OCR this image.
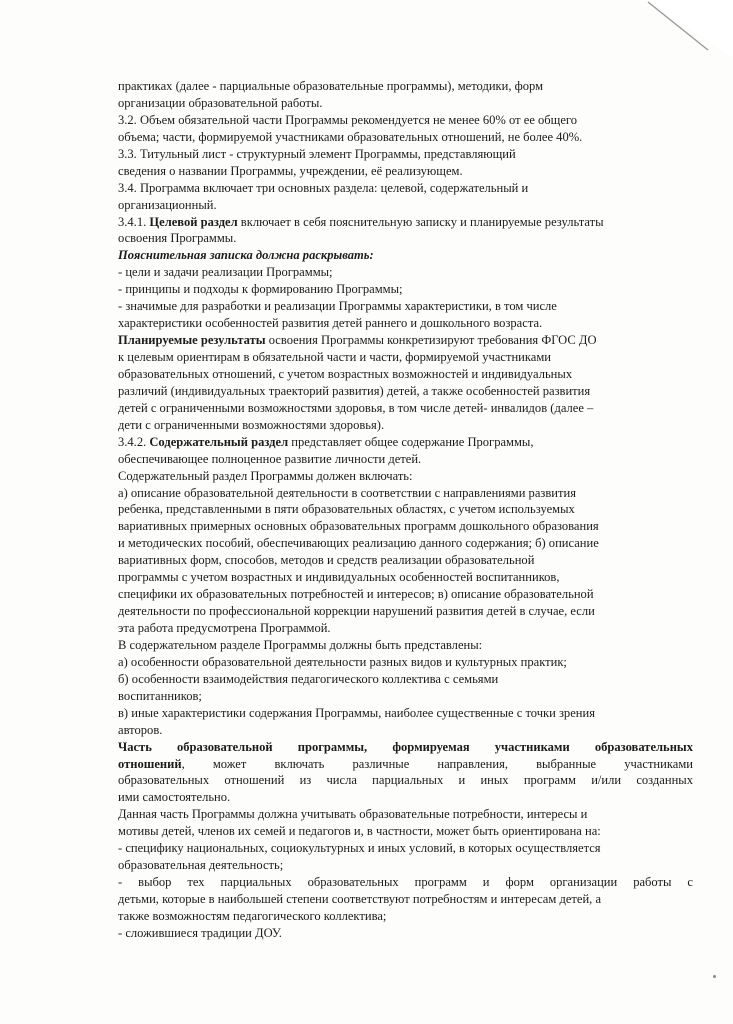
практиках (далее - парциальные образовательные программы), методики, форм
организации образовательной работы.
3.2. Объем обязательной части Программы рекомендуется не менее 60% от ее общего
объема; части, формируемой участниками образовательных отношений, не более 40%.
3.3. Титульный лист - структурный элемент Программы, представляющий
сведения о названии Программы, учреждении, её реализующем.
3.4. Программа включает три основных раздела: целевой, содержательный и
организационный.
3.4.1. Целевой раздел включает в себя пояснительную записку и планируемые результаты
освоения Программы.
Пояснительная записка должна раскрывать:
- цели и задачи реализации Программы;
- принципы и подходы к формированию Программы;
- значимые для разработки и реализации Программы характеристики, в том числе
характеристики особенностей развития детей раннего и дошкольного возраста.
Планируемые результаты освоения Программы конкретизируют требования ФГОС ДО
к целевым ориентирам в обязательной части и части, формируемой участниками
образовательных отношений, с учетом возрастных возможностей и индивидуальных
различий (индивидуальных траекторий развития) детей, а также особенностей развития
детей с ограниченными возможностями здоровья, в том числе детей- инвалидов (далее –
дети с ограниченными возможностями здоровья).
3.4.2. Содержательный раздел представляет общее содержание Программы,
обеспечивающее полноценное развитие личности детей.
Содержательный раздел Программы должен включать:
а) описание образовательной деятельности в соответствии с направлениями развития
ребенка, представленными в пяти образовательных областях, с учетом используемых
вариативных примерных основных образовательных программ дошкольного образования
и методических пособий, обеспечивающих реализацию данного содержания; б) описание
вариативных форм, способов, методов и средств реализации образовательной
программы с учетом возрастных и индивидуальных особенностей воспитанников,
специфики их образовательных потребностей и интересов; в) описание образовательной
деятельности по профессиональной коррекции нарушений развития детей в случае, если
эта работа предусмотрена Программой.
В содержательном разделе Программы должны быть представлены:
а) особенности образовательной деятельности разных видов и культурных практик;
б) особенности взаимодействия педагогического коллектива с семьями
воспитанников;
в) иные характеристики содержания Программы, наиболее существенные с точки зрения
авторов.
Часть образовательной программы, формируемая участниками образовательных
отношений, может включать различные направления, выбранные участниками
образовательных отношений из числа парциальных и иных программ и/или созданных
ими самостоятельно.
Данная часть Программы должна учитывать образовательные потребности, интересы и
мотивы детей, членов их семей и педагогов и, в частности, может быть ориентирована на:
- специфику национальных, социокультурных и иных условий, в которых осуществляется
образовательная деятельность;
- выбор тех парциальных образовательных программ и форм организации работы с
детьми, которые в наибольшей степени соответствуют потребностям и интересам детей, а
также возможностям педагогического коллектива;
- сложившиеся традиции ДОУ.
